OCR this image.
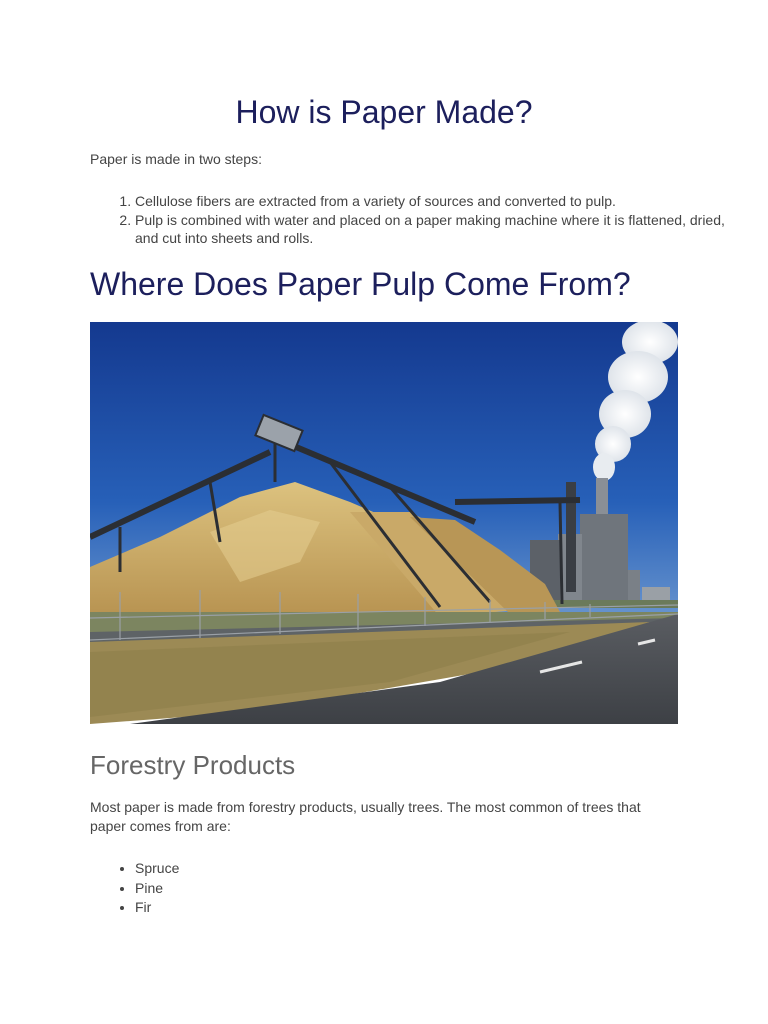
How is Paper Made?

Paper is made in two steps:

1. Cellulose fibers are extracted from a variety of sources and converted to pulp.
2. Pulp is combined with water and placed on a paper making machine where it is flattened, dried, and cut into sheets and rolls.
Where Does Paper Pulp Come From?
Forestry Products

Most paper is made from forestry products, usually trees. The most common of trees that paper comes from are:

• Spruce
• Pine
• Fir
